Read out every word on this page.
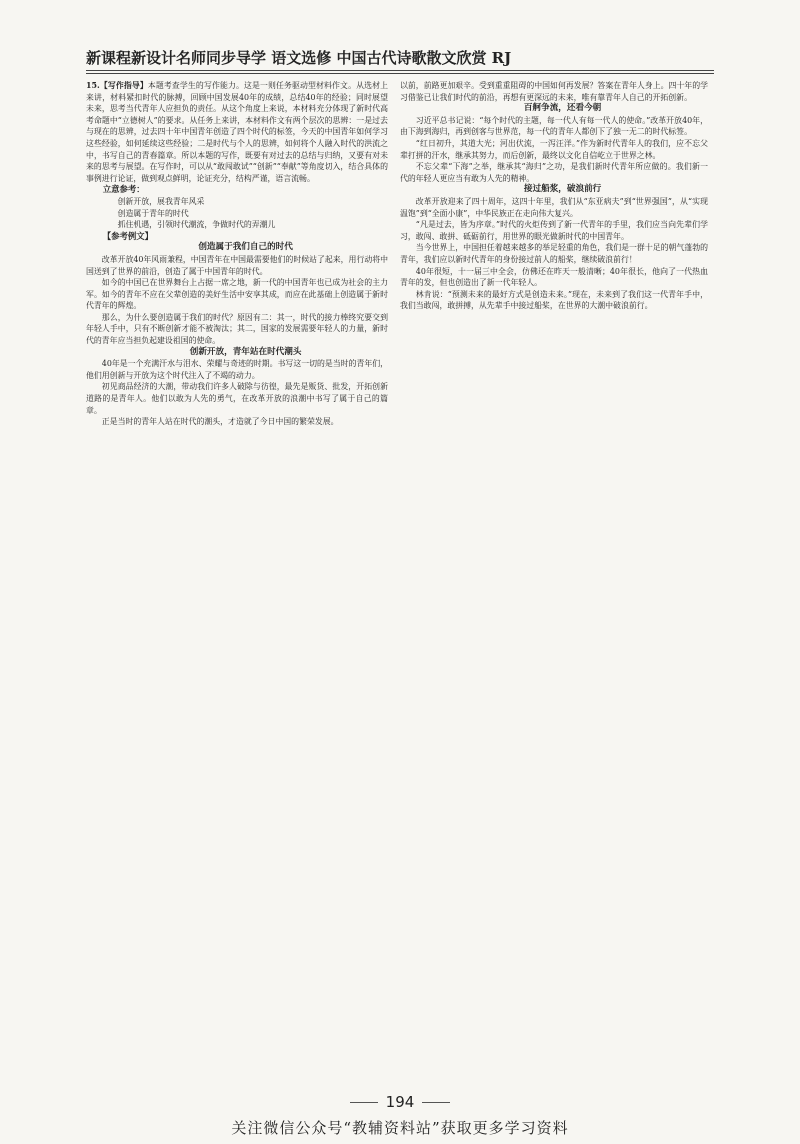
新课程新设计名师同步导学 语文选修 中国古代诗歌散文欣赏 RJ

15.【写作指导】本题考查学生的写作能力。这是一则任务驱动型材料作文。从选材上来讲，材料紧扣时代的脉搏，回顾中国发展40年的成绩，总结40年的经验；同时展望未来，思考当代青年人应担负的责任。从这个角度上来说，本材料充分体现了新时代高考命题中“立德树人”的要求。从任务上来讲，本材料作文有两个层次的思辨：一是过去与现在的思辨，过去四十年中国青年创造了四个时代的标签，今天的中国青年如何学习这些经验，如何延续这些经验；二是时代与个人的思辨，如何将个人融入时代的洪流之中，书写自己的青春篇章。所以本题的写作，既要有对过去的总结与归纳，又要有对未来的思考与展望。在写作时，可以从“敢闯敢试”“创新”“奉献”等角度切入，结合具体的事例进行论证，做到观点鲜明，论证充分，结构严谨，语言流畅。

立意参考：

创新开放，展我青年风采

创造属于青年的时代

抓住机遇，引领时代潮流，争做时代的弄潮儿

【参考例文】

创造属于我们自己的时代

改革开放40年风雨兼程，中国青年在中国最需要他们的时候站了起来，用行动将中国送到了世界的前沿，创造了属于中国青年的时代。

如今的中国已在世界舞台上占据一席之地，新一代的中国青年也已成为社会的主力军。如今的青年不应在父辈创造的美好生活中安享其成，而应在此基础上创造属于新时代青年的辉煌。

那么，为什么要创造属于我们的时代？原因有二：其一，时代的接力棒终究要交到年轻人手中，只有不断创新才能不被淘汰；其二，国家的发展需要年轻人的力量，新时代的青年应当担负起建设祖国的使命。

创新开放，青年站在时代潮头

40年是一个充满汗水与泪水、荣耀与奇迹的时期。书写这一切的是当时的青年们，他们用创新与开放为这个时代注入了不竭的动力。

初见商品经济的大潮，带动我们许多人破除与彷徨，最先是贩货、批发，开拓创新道路的是青年人。他们以敢为人先的勇气，在改革开放的浪潮中书写了属于自己的篇章。

正是当时的青年人站在时代的潮头，才造就了今日中国的繁荣发展。

以前，前路更加艰辛。受到重重阻碍的中国如何再发展？答案在青年人身上。四十年的学习借鉴已让我们时代的前沿，再想有更深远的未来，唯有靠青年人自己的开拓创新。

百舸争流，还看今朝

习近平总书记说：“每个时代的主题，每一代人有每一代人的使命。”改革开放40年，由下海到海归，再到创客与世界范，每一代的青年人都创下了独一无二的时代标签。

“红日初升，其道大光；河出伏流，一泻汪洋。”作为新时代青年人的我们，应不忘父辈打拼的汗水，继承其努力，而后创新，最终以文化自信屹立于世界之林。

不忘父辈“下海”之举，继承其“海归”之功，是我们新时代青年所应做的。我们新一代的年轻人更应当有敢为人先的精神。

接过船浆，破浪前行

改革开放迎来了四十周年，这四十年里，我们从“东亚病夫”到“世界强国”，从“实现温饱”到“全面小康”，中华民族正在走向伟大复兴。

“凡是过去，皆为序章。”时代的火炬传到了新一代青年的手里，我们应当向先辈们学习，敢闯、敢拼、砥砺前行，用世界的眼光做新时代的中国青年。

当今世界上，中国担任着越来越多的举足轻重的角色，我们是一群十足的朝气蓬勃的青年，我们应以新时代青年的身份接过前人的船桨，继续破浪前行！

40年很短，十一届三中全会，仿佛还在昨天一般清晰；40年很长，他向了一代热血青年的发，但也创造出了新一代年轻人。

林肯说：“预测未来的最好方式是创造未来。”现在，未来到了我们这一代青年手中，我们当敢闯，敢拼搏，从先辈手中接过船桨，在世界的大潮中破浪前行。

194
关注微信公众号“教辅资料站”获取更多学习资料
